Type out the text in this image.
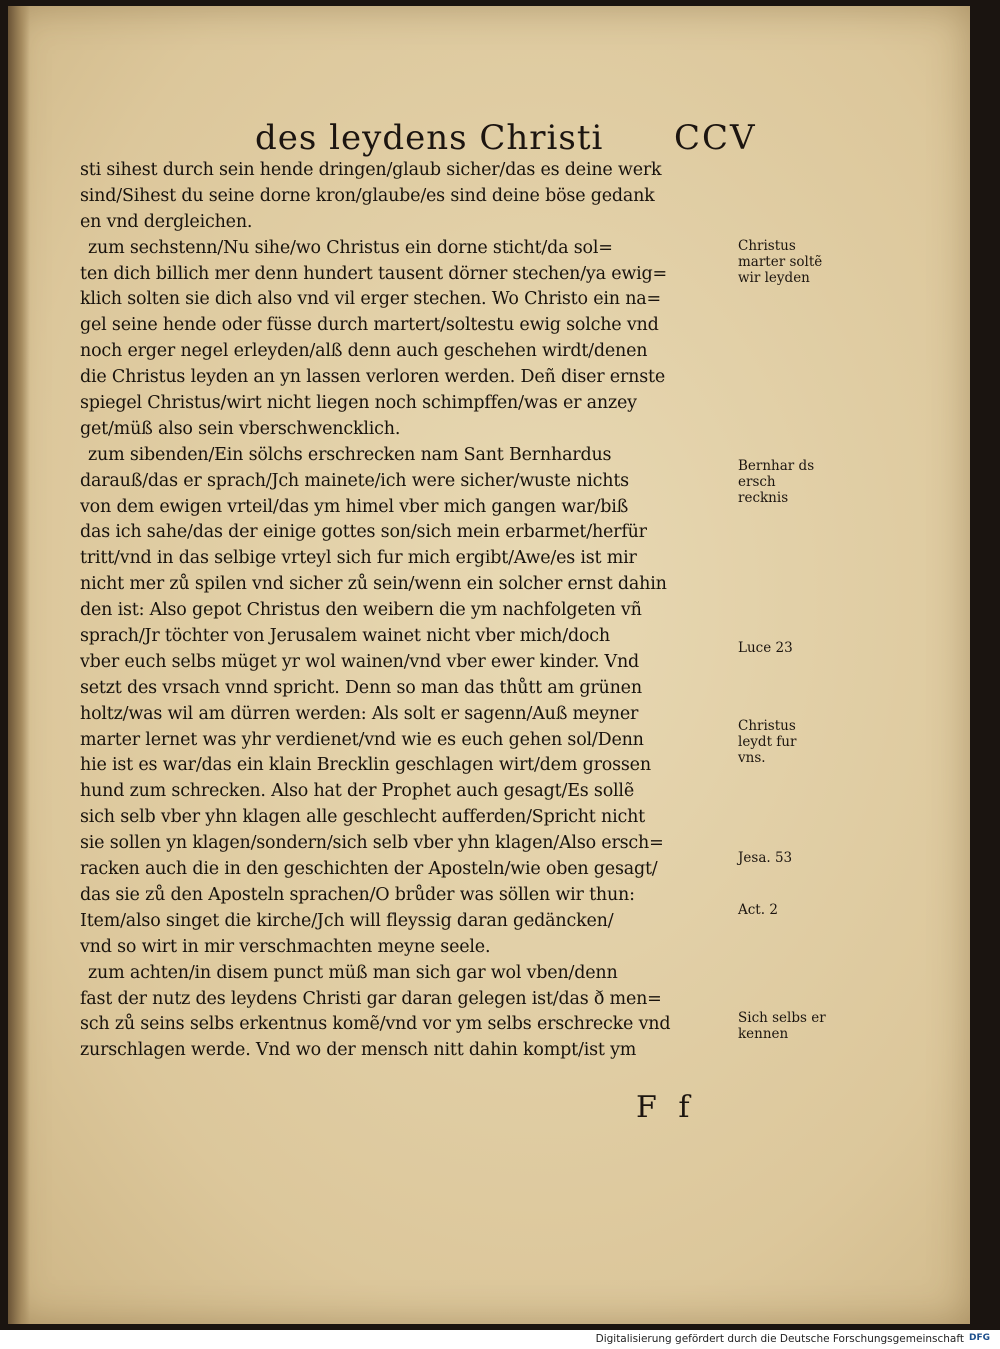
des leydens Christi CCV
sti sihest durch sein hende dringen/glaub sicher/das es deine werk
sind/Sihest du seine dorne kron/glaube/es sind deine böse gedank
en vnd dergleichen.
zum sechstenn/Nu sihe/wo Christus ein dorne sticht/da sol=
ten dich billich mer denn hundert tausent dörner stechen/ya ewig=
klich solten sie dich also vnd vil erger stechen. Wo Christo ein na=
gel seine hende oder füsse durch martert/soltestu ewig solche vnd
noch erger negel erleyden/alß denn auch geschehen wirdt/denen
die Christus leyden an yn lassen verloren werden. Deñ diser ernste
spiegel Christus/wirt nicht liegen noch schimpffen/was er anzey
get/müß also sein vberschwencklich.
zum sibenden/Ein sölchs erschrecken nam Sant Bernhardus
darauß/das er sprach/Jch mainete/ich were sicher/wuste nichts
von dem ewigen vrteil/das ym himel vber mich gangen war/biß
das ich sahe/das der einige gottes son/sich mein erbarmet/herfür
tritt/vnd in das selbige vrteyl sich fur mich ergibt/Awe/es ist mir
nicht mer zů spilen vnd sicher zů sein/wenn ein solcher ernst dahin
den ist: Also gepot Christus den weibern die ym nachfolgeten vñ
sprach/Jr töchter von Jerusalem wainet nicht vber mich/doch
vber euch selbs müget yr wol wainen/vnd vber ewer kinder. Vnd
setzt des vrsach vnnd spricht. Denn so man das thůtt am grünen
holtz/was wil am dürren werden: Als solt er sagenn/Auß meyner
marter lernet was yhr verdienet/vnd wie es euch gehen sol/Denn
hie ist es war/das ein klain Brecklin geschlagen wirt/dem grossen
hund zum schrecken. Also hat der Prophet auch gesagt/Es sollẽ
sich selb vber yhn klagen alle geschlecht aufferden/Spricht nicht
sie sollen yn klagen/sondern/sich selb vber yhn klagen/Also ersch=
racken auch die in den geschichten der Aposteln/wie oben gesagt/
das sie zů den Aposteln sprachen/O brůder was söllen wir thun:
Item/also singet die kirche/Jch will fleyssig daran gedäncken/
vnd so wirt in mir verschmachten meyne seele.
zum achten/in disem punct müß man sich gar wol vben/denn
fast der nutz des leydens Christi gar daran gelegen ist/das ð men=
sch zů seins selbs erkentnus komẽ/vnd vor ym selbs erschrecke vnd
zurschlagen werde. Vnd wo der mensch nitt dahin kompt/ist ym
Christus marter soltẽ wir leyden
Bernhar ds ersch recknis
Luce 23
Christus leydt fur vns.
Jesa. 53
Act. 2
Sich selbs er kennen
F f
Digitalisierung gefördert durch die Deutsche Forschungsgemeinschaft DFG
